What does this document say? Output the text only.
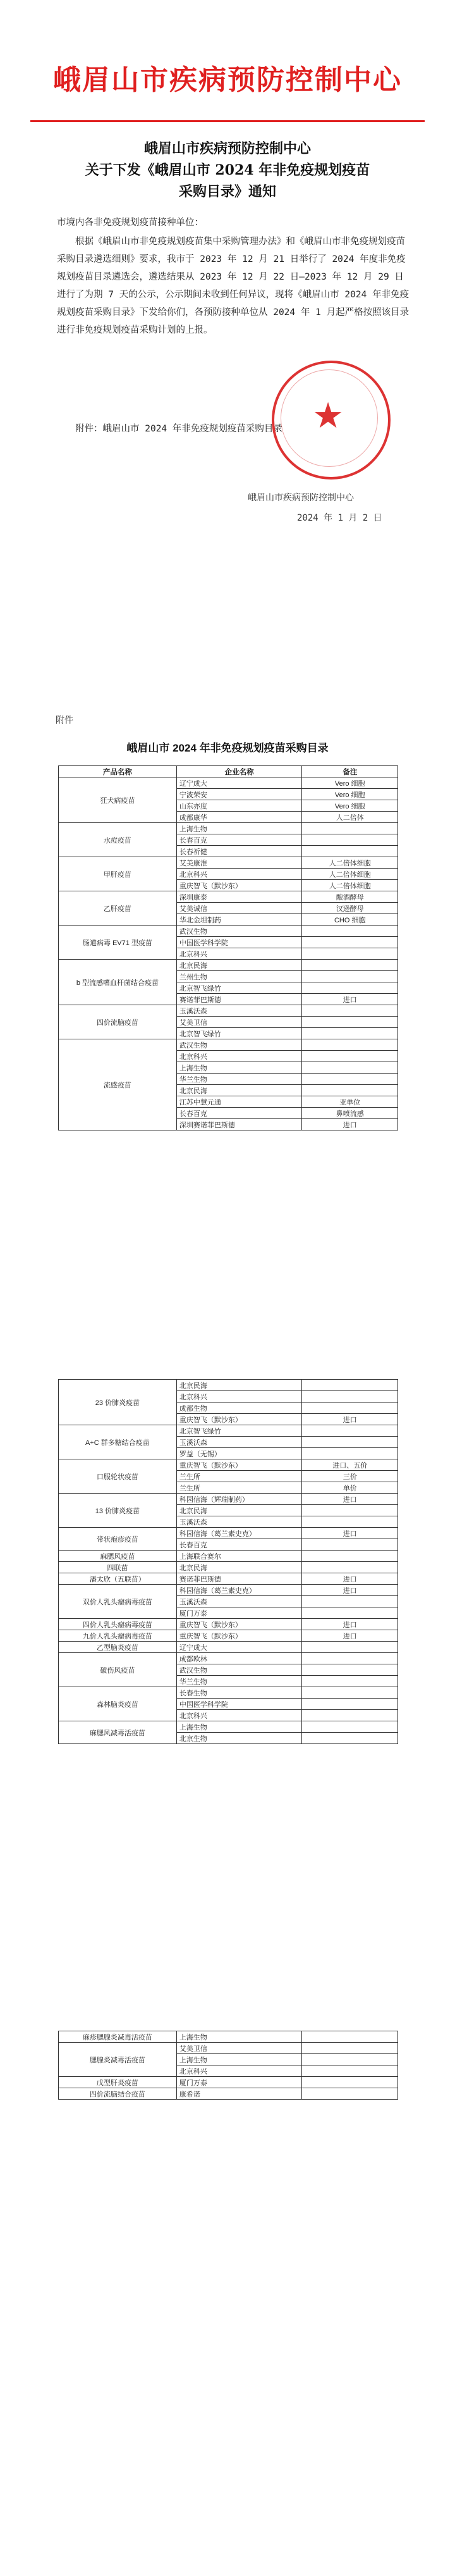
峨眉山市疾病预防控制中心
峨眉山市疾病预防控制中心
关于下发《峨眉山市 2024 年非免疫规划疫苗
采购目录》通知
市境内各非免疫规划疫苗接种单位：
根据《峨眉山市非免疫规划疫苗集中采购管理办法》和《峨眉山市非免疫规划疫苗采购目录遴选细则》要求，我市于 2023 年 12 月 21 日举行了 2024 年度非免疫规划疫苗目录遴选会，遴选结果从 2023 年 12 月 22 日—2023 年 12 月 29 日进行了为期 7 天的公示，公示期间未收到任何异议，现将《峨眉山市 2024 年非免疫规划疫苗采购目录》下发给你们，各预防接种单位从 2024 年 1 月起严格按照该目录进行非免疫规划疫苗采购计划的上报。
附件：峨眉山市 2024 年非免疫规划疫苗采购目录 ★
峨眉山市疾病预防控制中心
2024 年 1 月 2 日
附件
峨眉山市 2024 年非免疫规划疫苗采购目录
产品名称	企业名称	备注
狂犬病疫苗	辽宁成大	Vero 细胞
	宁波荣安	Vero 细胞
	山东亦度	Vero 细胞
	成都康华	人二倍体
水痘疫苗	上海生物	
	长春百克	
	长春祈健	
甲肝疫苗	艾美康淮	人二倍体细胞
	北京科兴	人二倍体细胞
	重庆智飞（默沙东）	人二倍体细胞
乙肝疫苗	深圳康泰	酿酒酵母
	艾美诚信	汉逊酵母
	华北金坦制药	CHO 细胞
肠道病毒 EV71 型疫苗	武汉生物	
	中国医学科学院	
	北京科兴	
b 型流感嗜血杆菌结合疫苗	北京民海	
	兰州生物	
	北京智飞绿竹	
	赛诺菲巴斯德	进口
四价流脑疫苗	玉溪沃森	
	艾美卫信	
	北京智飞绿竹	
流感疫苗	武汉生物	
	北京科兴	
	上海生物	
	华兰生物	
	北京民海	
	江苏中慧元通	亚单位
	长春百克	鼻喷流感
	深圳赛诺菲巴斯德	进口
23 价肺炎疫苗	北京民海	
	北京科兴	
	成都生物	
	重庆智飞（默沙东）	进口
A+C 群多糖结合疫苗	北京智飞绿竹	
	玉溪沃森	
	罗益（无锡）	
口服轮状疫苗	重庆智飞（默沙东）	进口、五价
	兰生所	三价
	兰生所	单价
13 价肺炎疫苗	科园信海（辉瑞制药）	进口
	北京民海	
	玉溪沃森	
带状疱疹疫苗	科园信海（葛兰素史克）	进口
	长春百克	
麻腮风疫苗	上海联合赛尔	
四联苗	北京民海	
潘太欣（五联苗）	赛诺菲巴斯德	进口
双价人乳头瘤病毒疫苗	科园信海（葛兰素史克）	进口
	玉溪沃森	
	厦门万泰	
四价人乳头瘤病毒疫苗	重庆智飞（默沙东）	进口
九价人乳头瘤病毒疫苗	重庆智飞（默沙东）	进口
乙型脑炎疫苗	辽宁成大	
破伤风疫苗	成都欧林	
	武汉生物	
	华兰生物	
森林脑炎疫苗	长春生物	
	中国医学科学院	
	北京科兴	
麻腮风减毒活疫苗	上海生物	
	北京生物	
麻疹腮腺炎减毒活疫苗	上海生物	
腮腺炎减毒活疫苗	艾美卫信	
	上海生物	
	北京科兴	
戊型肝炎疫苗	厦门万泰	
四价流脑结合疫苗	康希诺	
